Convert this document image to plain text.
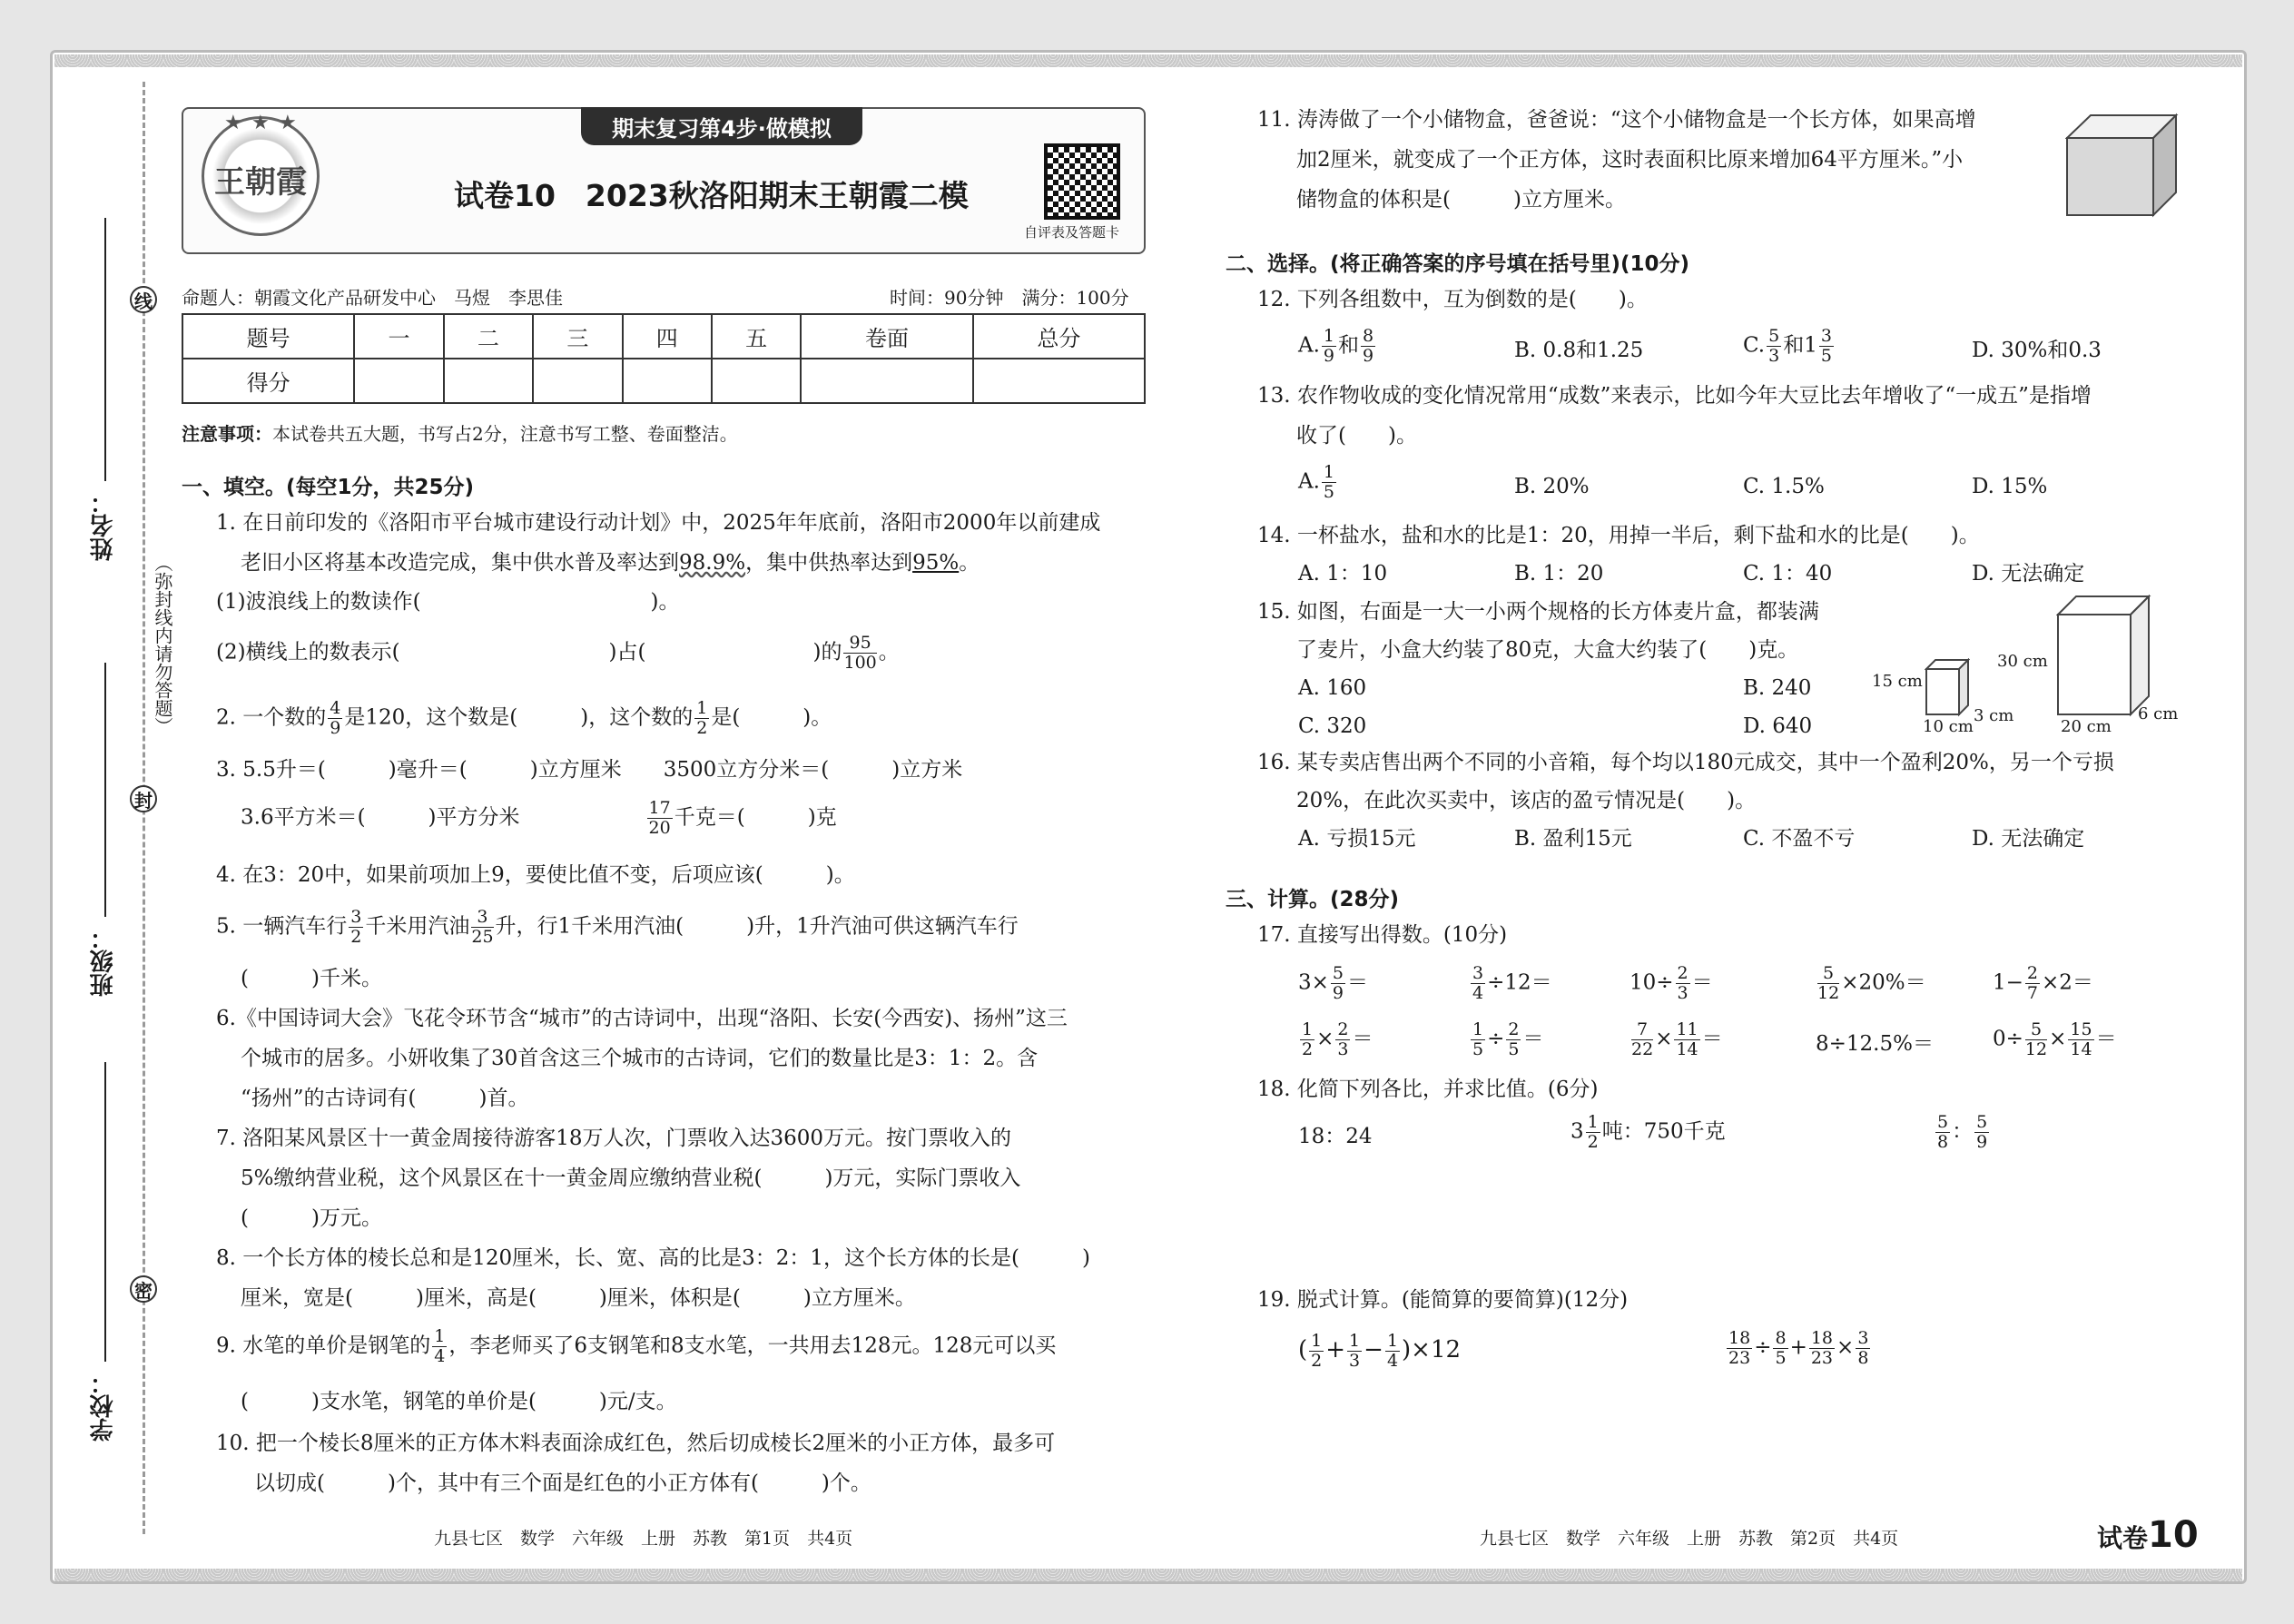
姓名：
班级：
学校：
线
封
密
（弥封线内请勿答题）
期末复习第4步·做模拟
★ ★ ★
王朝霞	试卷10　2023秋洛阳期末王朝霞二模
自评表及答题卡
命题人：朝霞文化产品研发中心　马煜　李思佳	时间：90分钟　满分：100分
题号	一	二	三	四	五	卷面	总分
得分							
注意事项：本试卷共五大题，书写占2分，注意书写工整、卷面整洁。
一、填空。(每空1分，共25分)
1. 在日前印发的《洛阳市平台城市建设行动计划》中，2025年年底前，洛阳市2000年以前建成
老旧小区将基本改造完成，集中供水普及率达到98.9%，集中供热率达到95%。
(1)波浪线上的数读作(　　　　　　　　　　　)。
(2)横线上的数表示(　　　　　　　　　　)占(　　　　　　　　)的 $\frac{95}{100}$ 。
2. 一个数的 $\frac{4}{9}$ 是120，这个数是(　　　)，这个数的 $\frac{1}{2}$ 是(　　　)。
3. 5.5升＝(　　　)毫升＝(　　　)立方厘米　　3500立方分米＝(　　　)立方米
3.6平方米＝(　　　)平方分米　　　　　　	$\frac{17}{20}$ 千克＝(　　　)克
4. 在3：20中，如果前项加上9，要使比值不变，后项应该(　　　)。
5. 一辆汽车行 $\frac{3}{2}$ 千米用汽油 $\frac{3}{25}$ 升，行1千米用汽油(　　　)升，1升汽油可供这辆汽车行
(　　　)千米。
6.《中国诗词大会》飞花令环节含“城市”的古诗词中，出现“洛阳、长安(今西安)、扬州”这三
个城市的居多。小妍收集了30首含这三个城市的古诗词，它们的数量比是3：1：2。含
“扬州”的古诗词有(　　　)首。
7. 洛阳某风景区十一黄金周接待游客18万人次，门票收入达3600万元。按门票收入的
5%缴纳营业税，这个风景区在十一黄金周应缴纳营业税(　　　)万元，实际门票收入
(　　　)万元。
8. 一个长方体的棱长总和是120厘米，长、宽、高的比是3：2：1，这个长方体的长是(　　　)
厘米，宽是(　　　)厘米，高是(　　　)厘米，体积是(　　　)立方厘米。
9. 水笔的单价是钢笔的 $\frac{1}{4}$ ，李老师买了6支钢笔和8支水笔，一共用去128元。128元可以买
(　　　)支水笔，钢笔的单价是(　　　)元/支。
10. 把一个棱长8厘米的正方体木料表面涂成红色，然后切成棱长2厘米的小正方体，最多可
以切成(　　　)个，其中有三个面是红色的小正方体有(　　　)个。
11. 涛涛做了一个小储物盒，爸爸说：“这个小储物盒是一个长方体，如果高增
加2厘米，就变成了一个正方体，这时表面积比原来增加64平方厘米。”小
储物盒的体积是(　　　)立方厘米。
二、选择。(将正确答案的序号填在括号里)(10分)
12. 下列各组数中，互为倒数的是(　　)。
A. $\frac{1}{9}$ 和 $\frac{8}{9}$	B. 0.8和1.25	C. $\frac{5}{3}$ 和$1 \frac{3}{5}$	D. 30%和0.3
13. 农作物收成的变化情况常用“成数”来表示，比如今年大豆比去年增收了“一成五”是指增
收了(　　)。
A. $\frac{1}{5}$	B. 20%	C. 1.5%	D. 15%
14. 一杯盐水，盐和水的比是1：20，用掉一半后，剩下盐和水的比是(　　)。
A. 1：10	B. 1：20	C. 1：40	D. 无法确定
15. 如图，右面是一大一小两个规格的长方体麦片盒，都装满
了麦片，小盒大约装了80克，大盒大约装了(　　)克。
A. 160	B. 240
C. 320	D. 640
15 cm
10 cm
3 cm
30 cm
20 cm
6 cm
16. 某专卖店售出两个不同的小音箱，每个均以180元成交，其中一个盈利20%，另一个亏损
20%，在此次买卖中，该店的盈亏情况是(　　)。
A. 亏损15元	B. 盈利15元	C. 不盈不亏	D. 无法确定
三、计算。(28分)
17. 直接写出得数。(10分)
$3\times \frac{5}{9}$ ＝	$\frac{3}{4} \div 12=$	$10\div \frac{2}{3}$ ＝	$\frac{5}{12} \times 20\%=$	$1- \frac{2}{7} \times 2=$
$\frac{1}{2} \times \frac{2}{3}$ ＝	$\frac{1}{5} \div \frac{2}{5}$ ＝	$\frac{7}{22} \times \frac{11}{14}$ ＝	8÷12.5%＝	$0\div \frac{5}{12} \times \frac{15}{14}$ ＝
18. 化简下列各比，并求比值。(6分)
18：24	$3 \frac{1}{2}$ 吨：750千克	$\frac{5}{8}$ ： $\frac{5}{9}$
19. 脱式计算。(能简算的要简算)(12分)
( $\frac{1}{2} + \frac{1}{3} - \frac{1}{4} )\times 12$	$\frac{18}{23} \div \frac{8}{5} + \frac{18}{23} \times \frac{3}{8}$
九县七区　数学　六年级　上册　苏教　第1页　共4页	九县七区　数学　六年级　上册　苏教　第2页　共4页	试卷10
